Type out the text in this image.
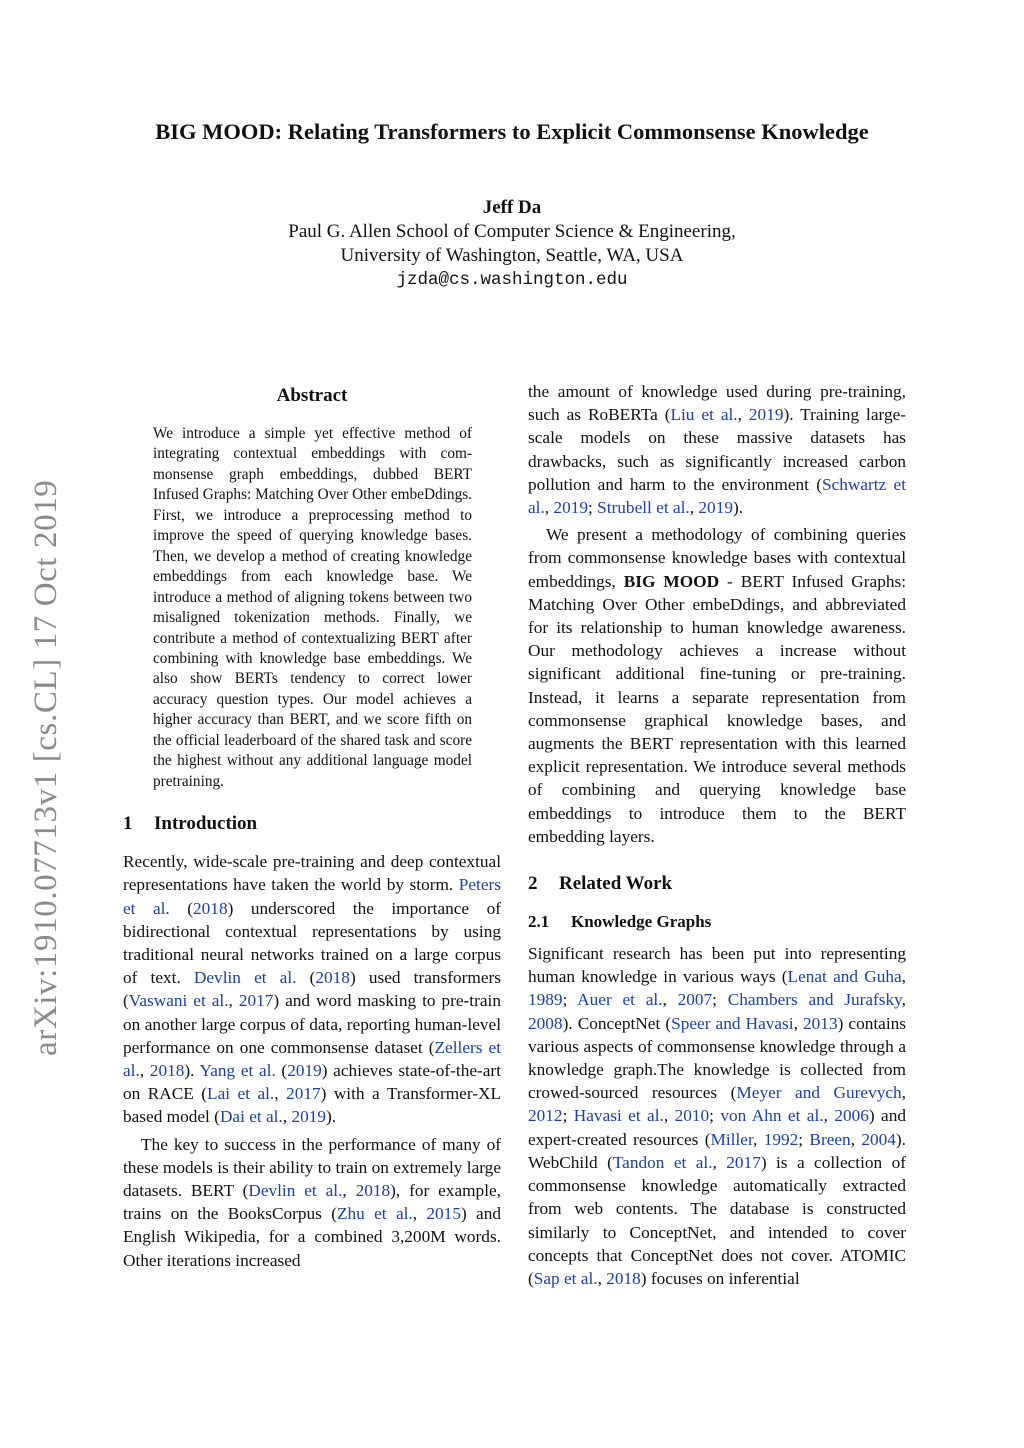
arXiv:1910.07713v1 [cs.CL] 17 Oct 2019
BIG MOOD: Relating Transformers to Explicit Commonsense Knowledge
Jeff Da
Paul G. Allen School of Computer Science & Engineering,
University of Washington, Seattle, WA, USA
jzda@cs.washington.edu
Abstract

We introduce a simple yet effective method of integrating contextual embeddings with commonsense graph embeddings, dubbed BERT Infused Graphs: Matching Over Other embeDdings. First, we introduce a preprocessing method to improve the speed of querying knowledge bases. Then, we develop a method of creating knowledge embeddings from each knowledge base. We introduce a method of aligning tokens between two misaligned tokenization methods. Finally, we contribute a method of contextualizing BERT after combining with knowledge base embeddings. We also show BERTs tendency to correct lower accuracy question types. Our model achieves a higher accuracy than BERT, and we score fifth on the official leaderboard of the shared task and score the highest without any additional language model pretraining.

1 Introduction

Recently, wide-scale pre-training and deep contextual representations have taken the world by storm. Peters et al. (2018) underscored the importance of bidirectional contextual representations by using traditional neural networks trained on a large corpus of text. Devlin et al. (2018) used transformers (Vaswani et al., 2017) and word masking to pre-train on another large corpus of data, reporting human-level performance on one commonsense dataset (Zellers et al., 2018). Yang et al. (2019) achieves state-of-the-art on RACE (Lai et al., 2017) with a Transformer-XL based model (Dai et al., 2019).

The key to success in the performance of many of these models is their ability to train on extremely large datasets. BERT (Devlin et al., 2018), for example, trains on the BooksCorpus (Zhu et al., 2015) and English Wikipedia, for a combined 3,200M words. Other iterations increased

the amount of knowledge used during pre-training, such as RoBERTa (Liu et al., 2019). Training large-scale models on these massive datasets has drawbacks, such as significantly increased carbon pollution and harm to the environment (Schwartz et al., 2019; Strubell et al., 2019).

We present a methodology of combining queries from commonsense knowledge bases with contextual embeddings, BIG MOOD - BERT Infused Graphs: Matching Over Other embeDdings, and abbreviated for its relationship to human knowledge awareness. Our methodology achieves a increase without significant additional fine-tuning or pre-training. Instead, it learns a separate representation from commonsense graphical knowledge bases, and augments the BERT representation with this learned explicit representation. We introduce several methods of combining and querying knowledge base embeddings to introduce them to the BERT embedding layers.

2 Related Work
2.1 Knowledge Graphs

Significant research has been put into representing human knowledge in various ways (Lenat and Guha, 1989; Auer et al., 2007; Chambers and Jurafsky, 2008). ConceptNet (Speer and Havasi, 2013) contains various aspects of commonsense knowledge through a knowledge graph.The knowledge is collected from crowed-sourced resources (Meyer and Gurevych, 2012; Havasi et al., 2010; von Ahn et al., 2006) and expert-created resources (Miller, 1992; Breen, 2004). WebChild (Tandon et al., 2017) is a collection of commonsense knowledge automatically extracted from web contents. The database is constructed similarly to ConceptNet, and intended to cover concepts that ConceptNet does not cover. ATOMIC (Sap et al., 2018) focuses on inferential
